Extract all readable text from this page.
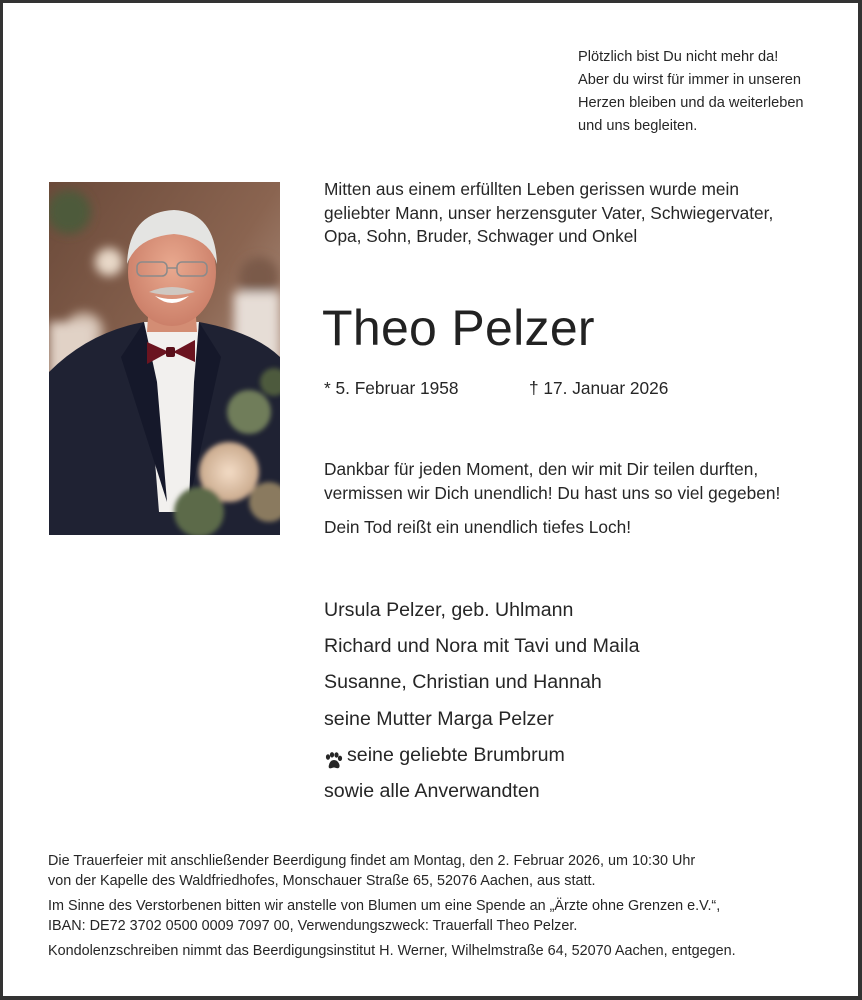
Plötzlich bist Du nicht mehr da!
Aber du wirst für immer in unseren
Herzen bleiben und da weiterleben
und uns begleiten.
Mitten aus einem erfüllten Leben gerissen wurde mein
geliebter Mann, unser herzensguter Vater, Schwiegervater,
Opa, Sohn, Bruder, Schwager und Onkel
Theo Pelzer
* 5. Februar 1958	† 17. Januar 2026

Dankbar für jeden Moment, den wir mit Dir teilen durften,

vermissen wir Dich unendlich! Du hast uns so viel gegeben!

Dein Tod reißt ein unendlich tiefes Loch!

Ursula Pelzer, geb. Uhlmann
Richard und Nora mit Tavi und Maila
Susanne, Christian und Hannah
seine Mutter Marga Pelzer
seine geliebte Brumbrum
sowie alle Anverwandten

Die Trauerfeier mit anschließender Beerdigung findet am Montag, den 2. Februar 2026, um 10:30 Uhr
von der Kapelle des Waldfriedhofes, Monschauer Straße 65, 52076 Aachen, aus statt.

Im Sinne des Verstorbenen bitten wir anstelle von Blumen um eine Spende an „Ärzte ohne Grenzen e.V.“,
IBAN: DE72 3702 0500 0009 7097 00, Verwendungszweck: Trauerfall Theo Pelzer.

Kondolenzschreiben nimmt das Beerdigungsinstitut H. Werner, Wilhelmstraße 64, 52070 Aachen, entgegen.
